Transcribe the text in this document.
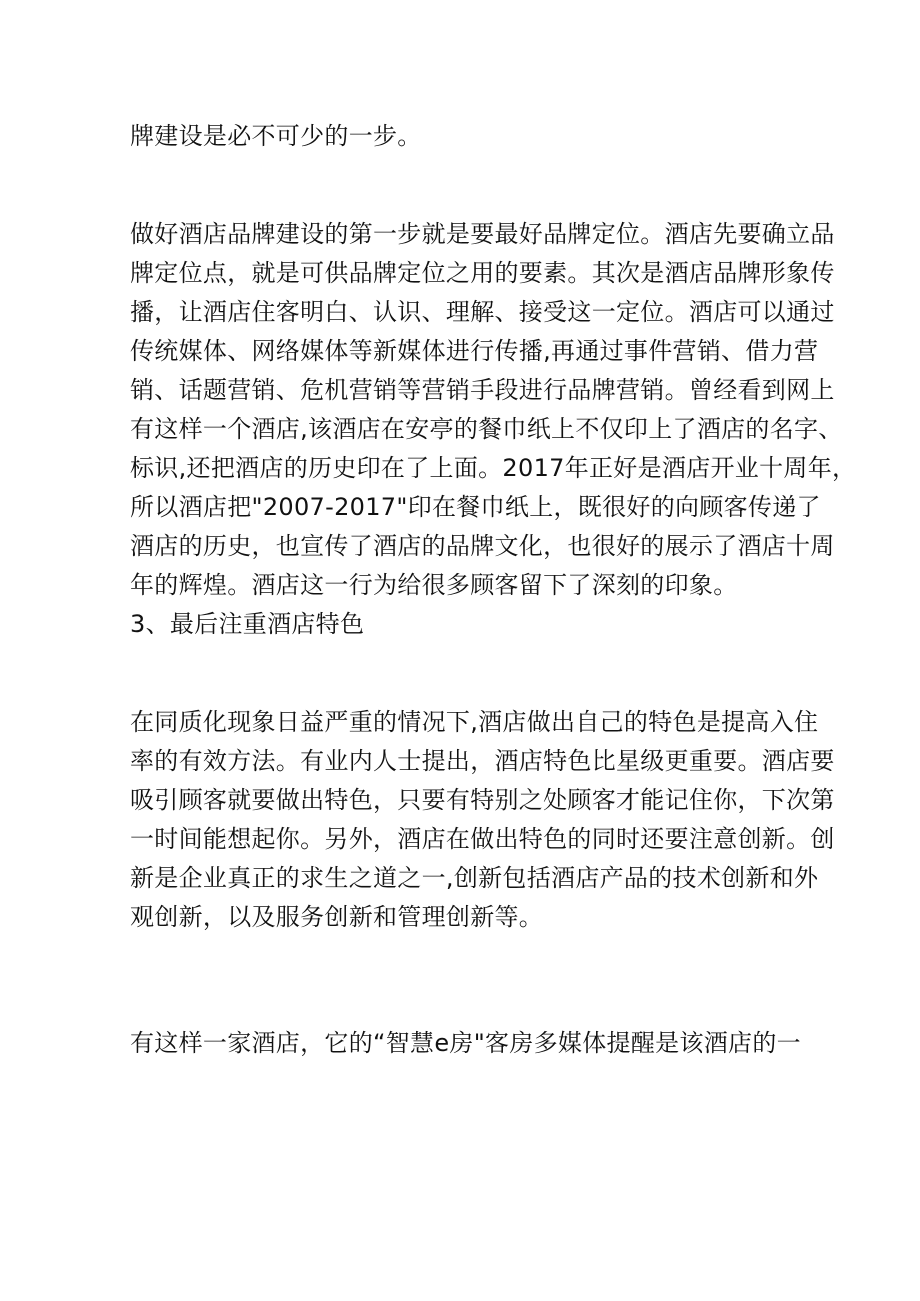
牌建设是必不可少的一步。
做好酒店品牌建设的第一步就是要最好品牌定位。酒店先要确立品
牌定位点，就是可供品牌定位之用的要素。其次是酒店品牌形象传
播，让酒店住客明白、认识、理解、接受这一定位。酒店可以通过
传统媒体、网络媒体等新媒体进行传播,再通过事件营销、借力营
销、话题营销、危机营销等营销手段进行品牌营销。曾经看到网上
有这样一个酒店,该酒店在安亭的餐巾纸上不仅印上了酒店的名字、
标识,还把酒店的历史印在了上面。2017年正好是酒店开业十周年，
所以酒店把"2007-2017"印在餐巾纸上，既很好的向顾客传递了
酒店的历史，也宣传了酒店的品牌文化，也很好的展示了酒店十周
年的辉煌。酒店这一行为给很多顾客留下了深刻的印象。
3、最后注重酒店特色
在同质化现象日益严重的情况下,酒店做出自己的特色是提高入住
率的有效方法。有业内人士提出，酒店特色比星级更重要。酒店要
吸引顾客就要做出特色，只要有特别之处顾客才能记住你，下次第
一时间能想起你。另外，酒店在做出特色的同时还要注意创新。创
新是企业真正的求生之道之一,创新包括酒店产品的技术创新和外
观创新，以及服务创新和管理创新等。
有这样一家酒店，它的“智慧e房"客房多媒体提醒是该酒店的一
